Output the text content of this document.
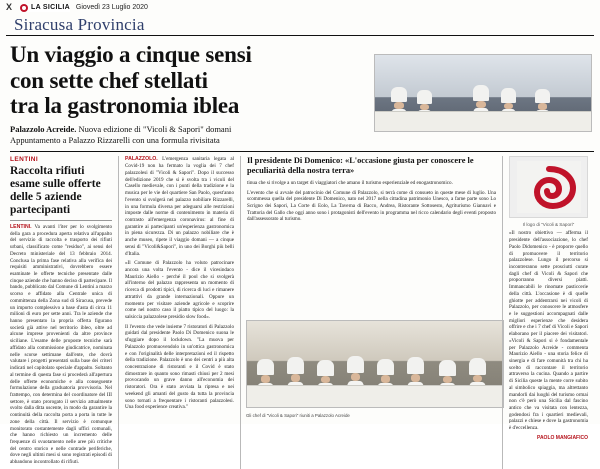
X	LA SICILIA Giovedì 23 Luglio 2020
Siracusa Provincia
Un viaggio a cinque sensi
con sette chef stellati
tra la gastronomia iblea
Palazzolo Acreide. Nuova edizione di "Vicoli & Sapori" domani
Appuntamento a Palazzo Rizzarelli con una formula rivisitata
Gli chef di "Vicoli & Sapori" riuniti a Palazzolo Acreide
LENTINI
Raccolta rifiuti esame sulle offerte delle 5 aziende partecipanti

LENTINI. Va avanti l'iter per lo svolgimento della gara a procedura aperta relativa all'appalto del servizio di raccolta e trasporto dei rifiuti urbani, classificato come "residuo", ai sensi del Decreto ministeriale del 13 febbraio 2014. Conclusa la prima fase relativa alla verifica dei requisiti amministrativi, dovrebbero essere esaminate le offerte tecniche presentate dalle cinque aziende che hanno deciso di partecipare. Il bando, pubblicato dal Comune di Lentini a marzo scorso e affidato alla Centrale unica di committenza della Zona sud di Siracusa, prevede un importo complessivo a base d'asta di circa 11 milioni di euro per sette anni. Tra le aziende che hanno presentato la propria offerta figurano società già attive nel territorio ibleo, oltre ad alcune imprese provenienti da altre province siciliane. L'esame delle proposte tecniche sarà affidato alla commissione giudicatrice, nominata nelle scorse settimane dall'ente, che dovrà valutare i progetti presentati sulla base dei criteri indicati nel capitolato speciale d'appalto. Soltanto al termine di questa fase si procederà all'apertura delle offerte economiche e alla conseguente formulazione della graduatoria provvisoria. Nel frattempo, con determina del coordinatore del III settore, è stato prorogato il servizio attualmente svolto dalla ditta uscente, in modo da garantire la continuità della raccolta porta a porta in tutte le zone della città. Il servizio è comunque monitorato costantemente dagli uffici comunali, che hanno richiesto un incremento delle frequenze di svuotamento nelle aree più critiche del centro storico e nelle contrade periferiche, dove negli ultimi mesi si sono registrati episodi di abbandono incontrollato di rifiuti.

PALAZZOLO. L'emergenza sanitaria legata al Covid-19 non ha fermato la voglia dei 7 chef palazzolesi di "Vicoli & Sapori". Dopo il successo dell'edizione 2019 che si è svolta tra i vicoli del Casello medievale, con i punti della tradizione e la musica per le vie del quartiere San Paolo, quest'anno l'evento si svolgerà nel palazzo nobiliare Rizzarelli, in una formula diversa per adeguarsi alle restrizioni imposte dalle norme di contenimento in materia di contrasto all'emergenza coronavirus: al fine di garantire ai partecipanti un'esperienza gastronomica in piena sicurezza. Di un palazzo nobiliare che è anche museo, ripete il viaggio domani — a cinque sensi di "Vicoli&Sapori", in uno dei Borghi più belli d'Italia.

«Il Comune di Palazzolo ha voluto patrocinare ancora una volta l'evento - dice il vicesindaco Maurizio Aiello - perché il pool che si svolgerà all'interno del palazzo rappresenta un momento di ricerca di prodotti tipici, di ricerca di luci e rimanere attrattivi da grande internazionali. Oppure un momento per visitare aziende agricole e scoprire come nel nostro caso il piatto tipico del luogo: la salsiccia palazzolese presidio slow food».

Il l'evento che vede insieme 7 ristoratori di Palazzolo guidati dal presidente Paolo Di Domenico suona le sfuggiare dopo il lockdown. "La muova per Palazzolo promuovendolo in un'ottica gastronomica e con l'originalità delle interpretazioni ed il rispetto della tradizione. Palazzolo è uno dei centri a più alta concentrazione di ristoranti e il Covid è stato dimostrare in quanto sono rimasti chiusi per 2 mesi provocando un grave danno all'economia dei ristoratori. Ora è stato avviata la ripresa e nei weekend gli amanti del gusto da tutta la provincia sono tornati a frequentare i ristoranti palazzolesi. Una food experience creativa."

Il presidente Di Domenico: «L'occasione giusta per conoscere le peculiarità della nostra terra»

tinua che si rivolge a un target di viaggiatori che amano il turismo esperienziale ed enogastronomico.

L'evento che si avvale del patrocinio del Comune di Palazzolo, si terrà come di consueto in queste mese di luglio. Una scommessa quella del presidente Di Domenico, nato nel 2017 nella cittadina patrimonio Unesco, a farne parte sono Lo Scrigno dei Sapori, La Corte di Eolo, La Taverna di Bacco, Andrea, Ristorante Sottosesto, Agriturismo Giannavì e Trattoria del Gallo che oggi anno sono i protagonisti dell'evento in programma nel ricco calendario degli eventi proposto dall'assessorato al turismo.

Il logo di "Vicoli & Sapori"

«Il nostro obiettivo — afferma il presidente dell'associazione, lo chef Paolo Didomenico - è proporre quello di promuovere il territorio palazzolese. Lungo il percorso si incontreranno sette prosciutti curate dagli chef di Vicoli & Sapori che proporranno diversi piatti. Immancabili le rinomate pasticcerie della città. L'occasione è di quelle ghiotte per addentrarsi nei vicoli di Palazzolo, per conoscere le atmosfere e le suggestioni accompagnati dalle migliori esperienze che desidera offrire e che i 7 chef di Vicoli e Sapori elaborano per il piacere dei visitatori. «Vicoli & Sapori si è fondamentale per Palazzolo Acreide - commenta Maurizio Aiello - una storia felice di sinergia e di fare comunità tra chi ha scelto di raccontare il territorio attraverso la cucina. Quando a partire di Sicilia queste la mente corre subito al simbolico spiaggia, ma altrettanto mandorli dai luoghi del turismo ormai non c'è però una Sicilia dal fascino antico che va visitata con lentezza, godendosi fra i quartieri medievali, palazzi e chiese e dove la gastronomia è d'eccellenza.

PAOLO MANGIAFICO
